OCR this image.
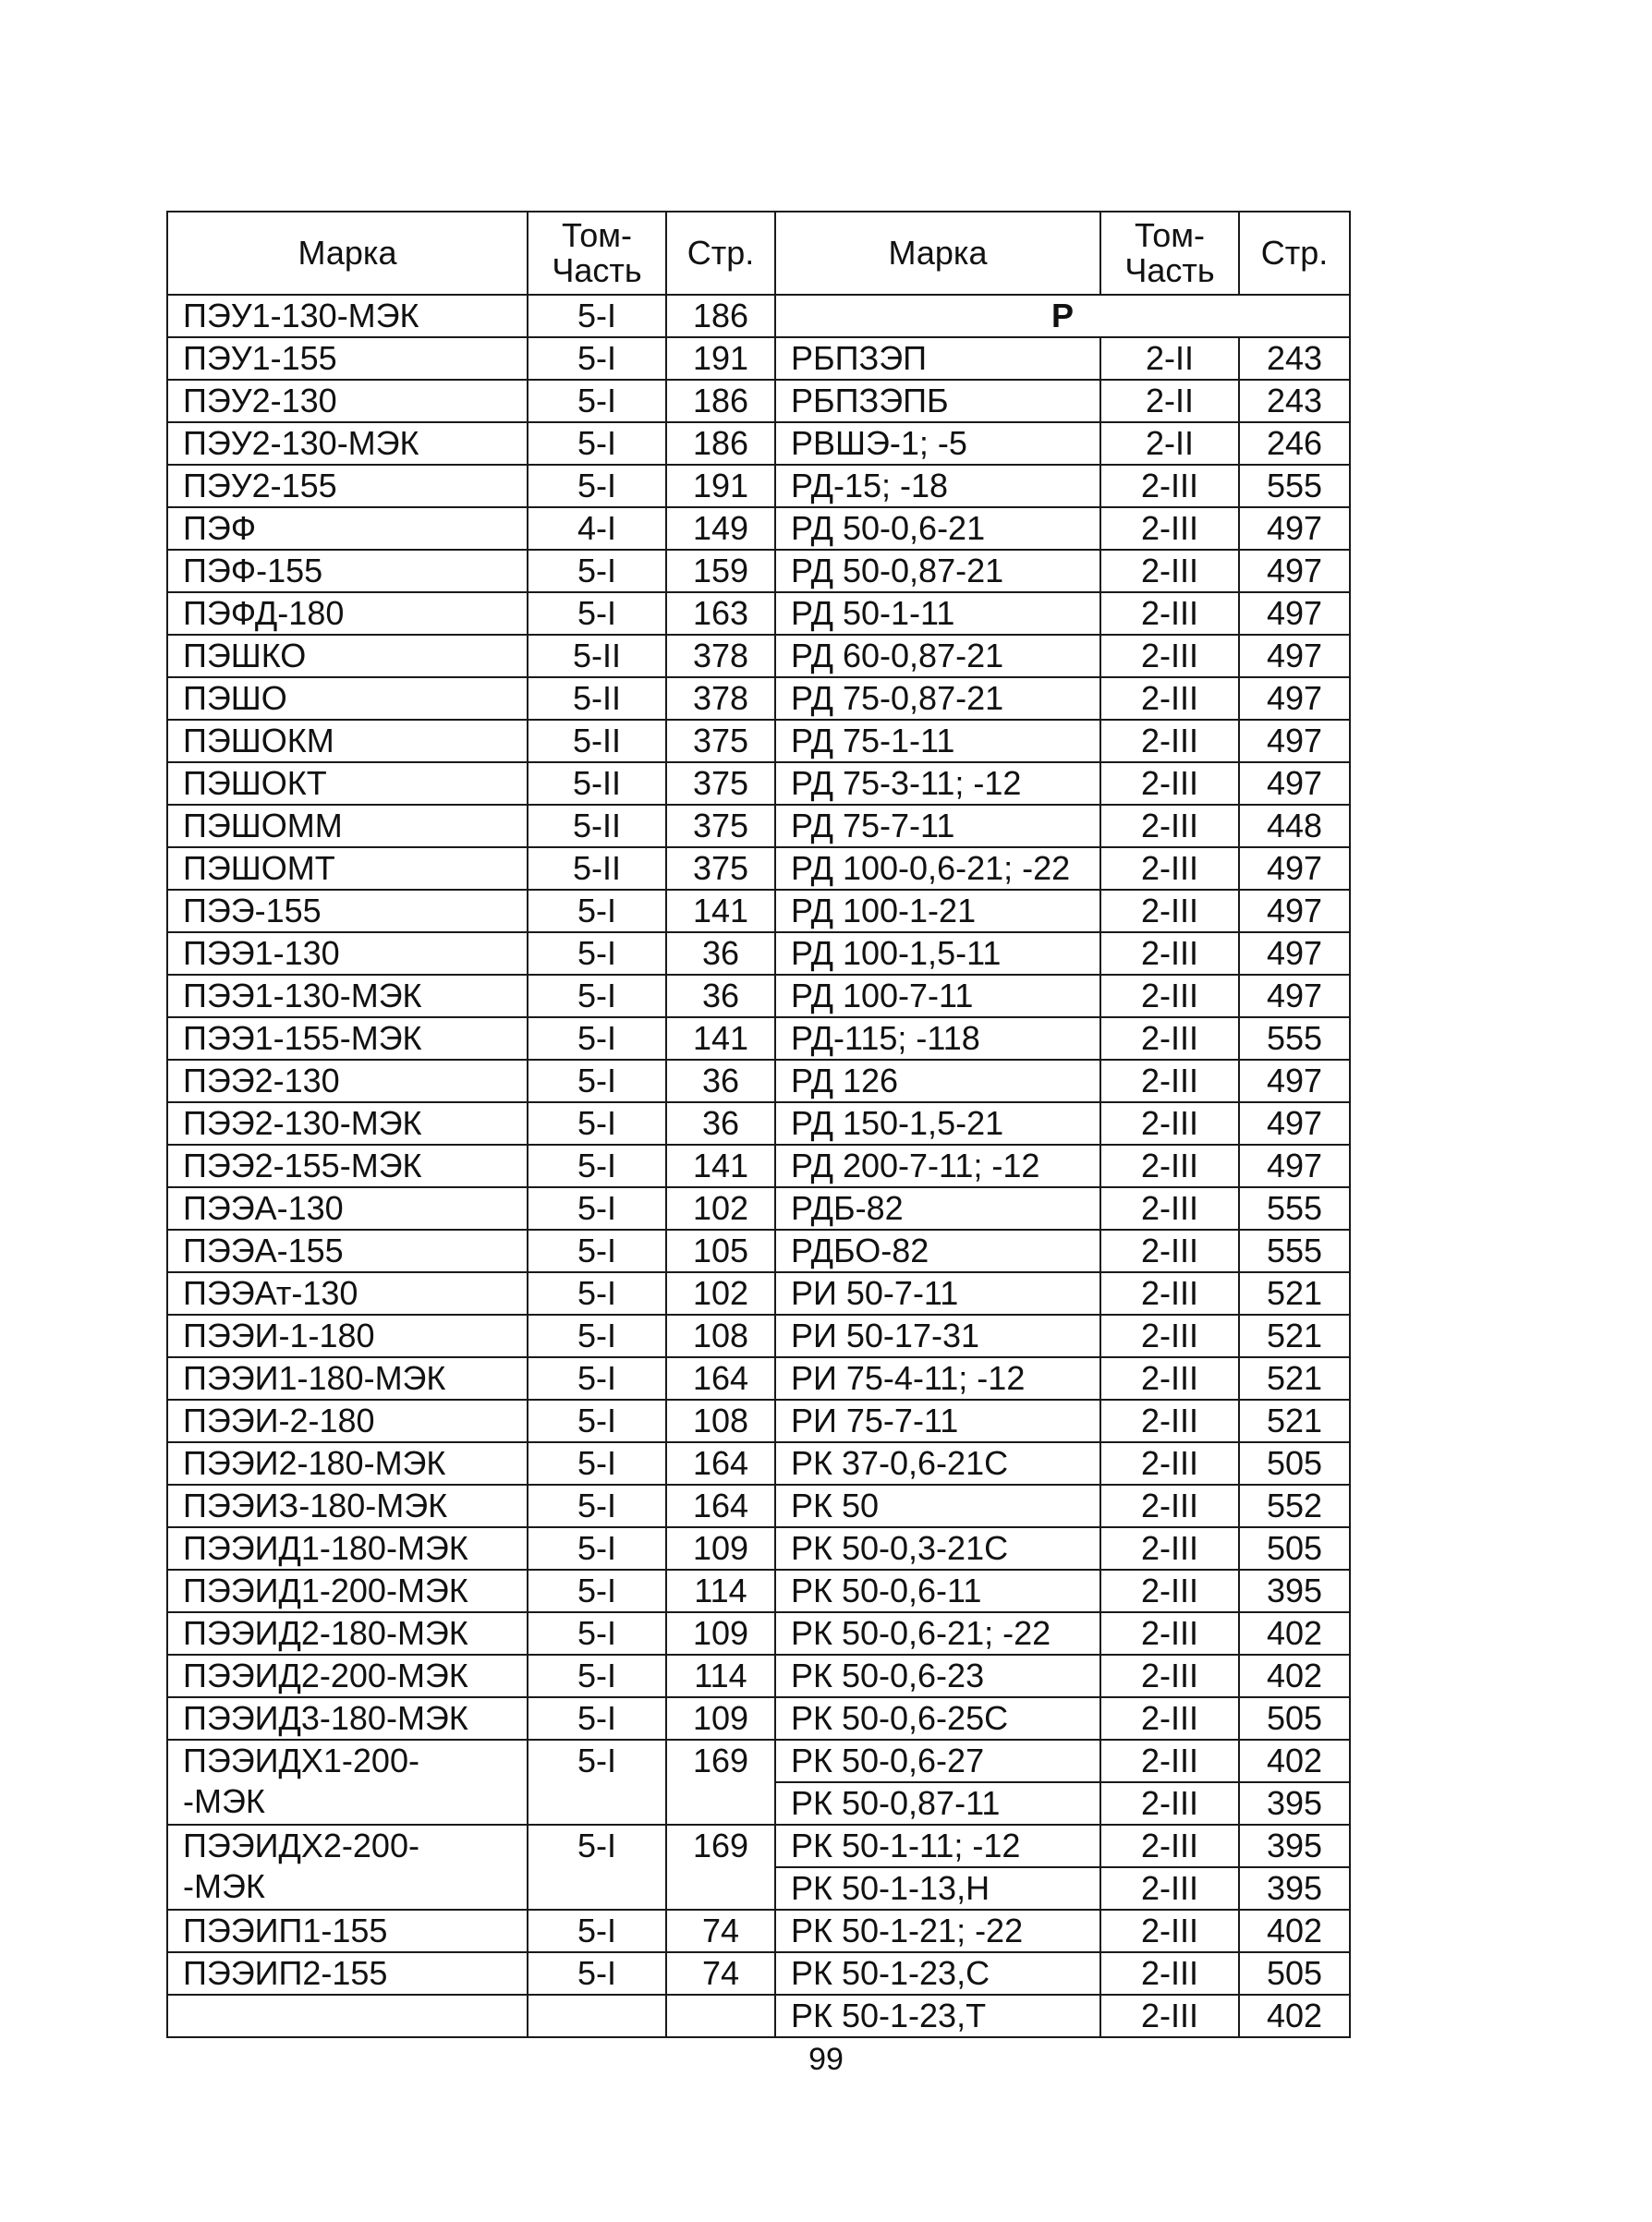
Марка	Том-
Часть	Стр.	Марка	Том-
Часть	Стр.
ПЭУ1-130-МЭК	5-I	186	Р		
ПЭУ1-155	5-I	191	РБПЗЭП	2-II	243
ПЭУ2-130	5-I	186	РБПЗЭПБ	2-II	243
ПЭУ2-130-МЭК	5-I	186	РВШЭ-1; -5	2-II	246
ПЭУ2-155	5-I	191	РД-15; -18	2-III	555
ПЭФ	4-I	149	РД 50-0,6-21	2-III	497
ПЭФ-155	5-I	159	РД 50-0,87-21	2-III	497
ПЭФД-180	5-I	163	РД 50-1-11	2-III	497
ПЭШКО	5-II	378	РД 60-0,87-21	2-III	497
ПЭШО	5-II	378	РД 75-0,87-21	2-III	497
ПЭШОКМ	5-II	375	РД 75-1-11	2-III	497
ПЭШОКТ	5-II	375	РД 75-3-11; -12	2-III	497
ПЭШОММ	5-II	375	РД 75-7-11	2-III	448
ПЭШОМТ	5-II	375	РД 100-0,6-21; -22	2-III	497
ПЭЭ-155	5-I	141	РД 100-1-21	2-III	497
ПЭЭ1-130	5-I	36	РД 100-1,5-11	2-III	497
ПЭЭ1-130-МЭК	5-I	36	РД 100-7-11	2-III	497
ПЭЭ1-155-МЭК	5-I	141	РД-115; -118	2-III	555
ПЭЭ2-130	5-I	36	РД 126	2-III	497
ПЭЭ2-130-МЭК	5-I	36	РД 150-1,5-21	2-III	497
ПЭЭ2-155-МЭК	5-I	141	РД 200-7-11; -12	2-III	497
ПЭЭА-130	5-I	102	РДБ-82	2-III	555
ПЭЭА-155	5-I	105	РДБО-82	2-III	555
ПЭЭАт-130	5-I	102	РИ 50-7-11	2-III	521
ПЭЭИ-1-180	5-I	108	РИ 50-17-31	2-III	521
ПЭЭИ1-180-МЭК	5-I	164	РИ 75-4-11; -12	2-III	521
ПЭЭИ-2-180	5-I	108	РИ 75-7-11	2-III	521
ПЭЭИ2-180-МЭК	5-I	164	РК 37-0,6-21С	2-III	505
ПЭЭИЗ-180-МЭК	5-I	164	РК 50	2-III	552
ПЭЭИД1-180-МЭК	5-I	109	РК 50-0,3-21С	2-III	505
ПЭЭИД1-200-МЭК	5-I	114	РК 50-0,6-11	2-III	395
ПЭЭИД2-180-МЭК	5-I	109	РК 50-0,6-21; -22	2-III	402
ПЭЭИД2-200-МЭК	5-I	114	РК 50-0,6-23	2-III	402
ПЭЭИД3-180-МЭК	5-I	109	РК 50-0,6-25С	2-III	505
ПЭЭИДХ1-200-
-МЭК	5-I	169	РК 50-0,6-27	2-III	402
			РК 50-0,87-11	2-III	395
ПЭЭИДХ2-200-
-МЭК	5-I	169	РК 50-1-11; -12	2-III	395
			РК 50-1-13,Н	2-III	395
ПЭЭИП1-155	5-I	74	РК 50-1-21; -22	2-III	402
ПЭЭИП2-155	5-I	74	РК 50-1-23,С	2-III	505
			РК 50-1-23,Т	2-III	402
99
